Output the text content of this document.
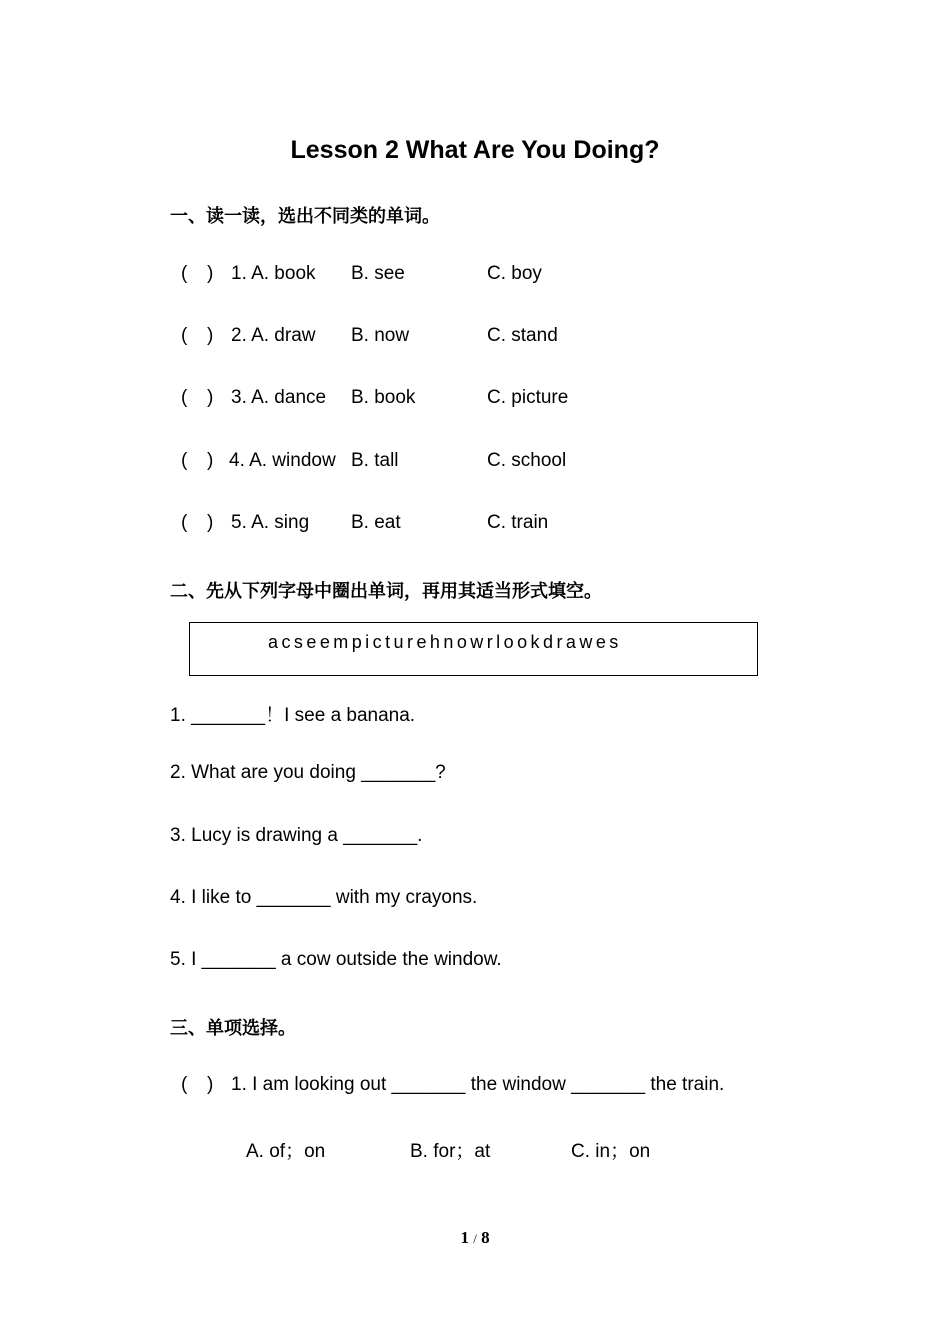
Lesson 2 What Are You Doing?
一、读一读，选出不同类的单词。
( ) 1. A. book B. see	C. boy
( ) 2. A. draw B. now	C. stand
( ) 3. A. dance B. book	C. picture
( ) 4. A. window B. tall	C. school
( ) 5. A. sing B. eat	C. train
二、先从下列字母中圈出单词，再用其适当形式填空。
acseempicturehnowrlookdrawes
1. _______！I see a banana.
2. What are you doing _______?
3. Lucy is drawing a _______.
4. I like to _______ with my crayons.
5. I _______ a cow outside the window.
三、单项选择。
( ) 1. I am looking out _______ the window _______ the train.
A. of；on	B. for；at	C. in；on
1 / 8
